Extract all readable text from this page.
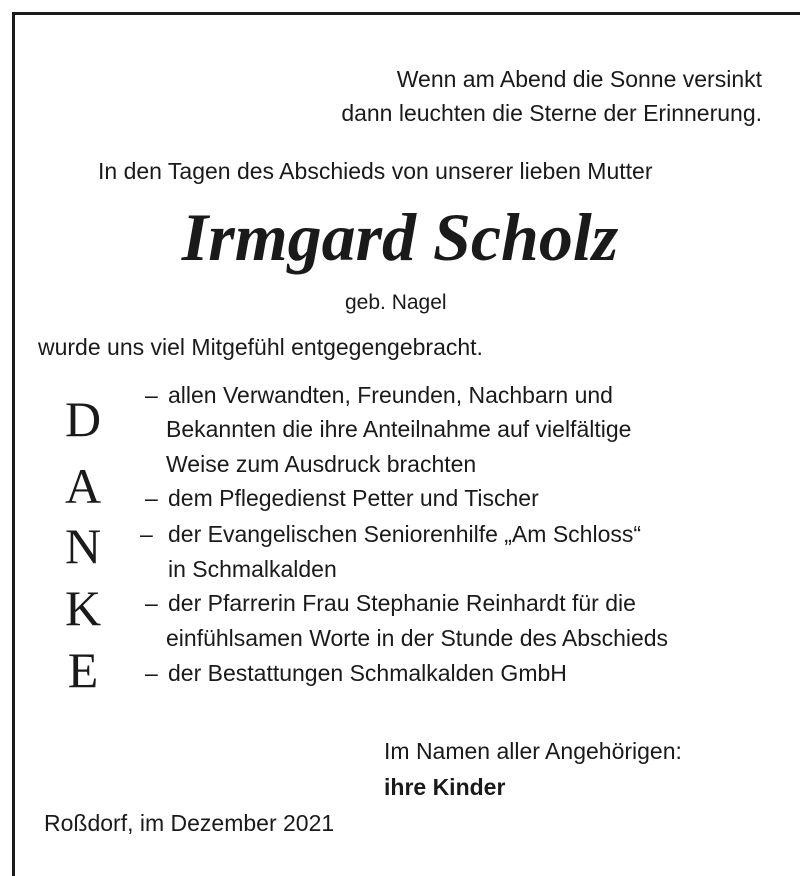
Wenn am Abend die Sonne versinkt
dann leuchten die Sterne der Erinnerung.
In den Tagen des Abschieds von unserer lieben Mutter
Irmgard Scholz
geb. Nagel
wurde uns viel Mitgefühl entgegengebracht.
D
A
N
K
E
– allen Verwandten, Freunden, Nachbarn und
Bekannten die ihre Anteilnahme auf vielfältige
Weise zum Ausdruck brachten
– dem Pflegedienst Petter und Tischer
– der Evangelischen Seniorenhilfe „Am Schloss“
in Schmalkalden
– der Pfarrerin Frau Stephanie Reinhardt für die
einfühlsamen Worte in der Stunde des Abschieds
– der Bestattungen Schmalkalden GmbH
Im Namen aller Angehörigen:
ihre Kinder
Roßdorf, im Dezember 2021
